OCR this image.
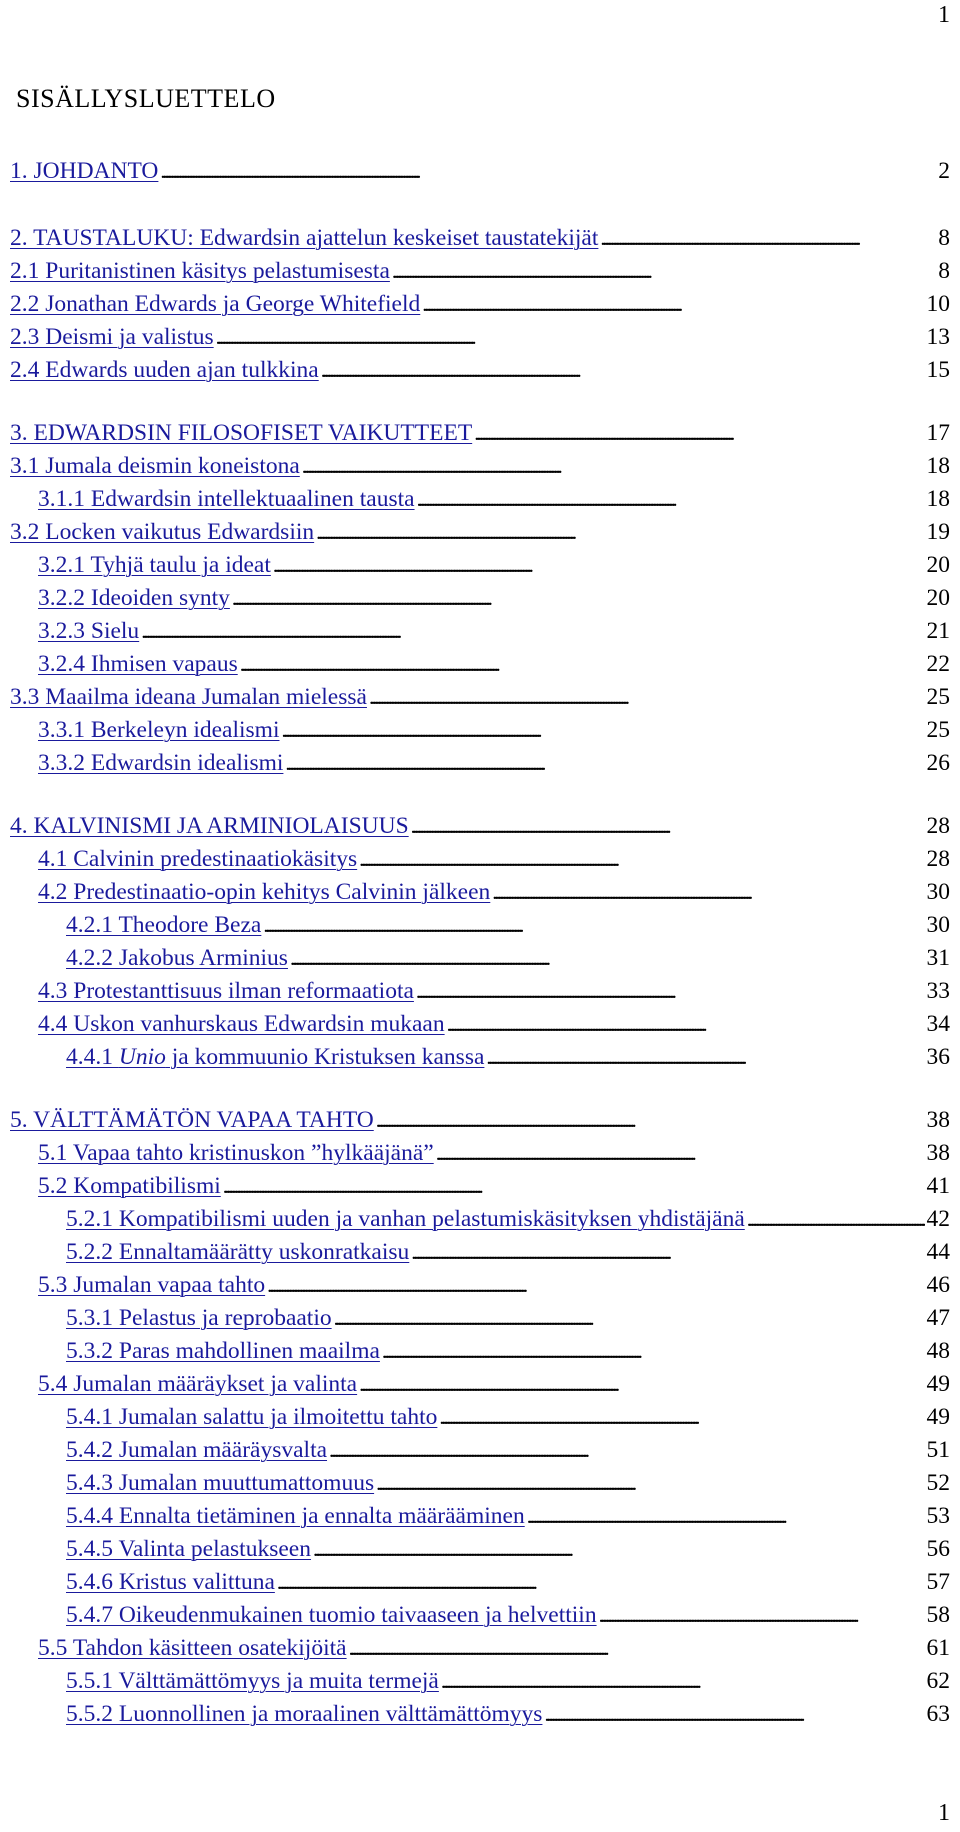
1
SISÄLLYSLUETTELO
1. JOHDANTO . . .	2
2. TAUSTALUKU: Edwardsin ajattelun keskeiset taustatekijät . . .	8
2.1 Puritanistinen käsitys pelastumisesta . . .	8
2.2 Jonathan Edwards ja George Whitefield . . .	10
2.3 Deismi ja valistus . . .	13
2.4 Edwards uuden ajan tulkkina . . .	15
3. EDWARDSIN FILOSOFISET VAIKUTTEET . . .	17
3.1 Jumala deismin koneistona . . .	18
3.1.1 Edwardsin intellektuaalinen tausta . . .	18
3.2 Locken vaikutus Edwardsiin . . .	19
3.2.1 Tyhjä taulu ja ideat . . .	20
3.2.2 Ideoiden synty . . .	20
3.2.3 Sielu . . .	21
3.2.4 Ihmisen vapaus . . .	22
3.3 Maailma ideana Jumalan mielessä . . .	25
3.3.1 Berkeleyn idealismi . . .	25
3.3.2 Edwardsin idealismi . . .	26
4. KALVINISMI JA ARMINIOLAISUUS . . .	28
4.1 Calvinin predestinaatiokäsitys . . .	28
4.2 Predestinaatio-opin kehitys Calvinin jälkeen . . .	30
4.2.1 Theodore Beza . . .	30
4.2.2 Jakobus Arminius . . .	31
4.3 Protestanttisuus ilman reformaatiota . . .	33
4.4 Uskon vanhurskaus Edwardsin mukaan . . .	34
4.4.1 Unio ja kommuunio Kristuksen kanssa . . .	36
5. VÄLTTÄMÄTÖN VAPAA TAHTO . . .	38
5.1 Vapaa tahto kristinuskon ”hylkääjänä” . . .	38
5.2 Kompatibilismi . . .	41
5.2.1 Kompatibilismi uuden ja vanhan pelastumiskäsityksen yhdistäjänä . . .	42
5.2.2 Ennaltamäärätty uskonratkaisu . . .	44
5.3 Jumalan vapaa tahto . . .	46
5.3.1 Pelastus ja reprobaatio . . .	47
5.3.2 Paras mahdollinen maailma . . .	48
5.4 Jumalan määräykset ja valinta . . .	49
5.4.1 Jumalan salattu ja ilmoitettu tahto . . .	49
5.4.2 Jumalan määräysvalta . . .	51
5.4.3 Jumalan muuttumattomuus . . .	52
5.4.4 Ennalta tietäminen ja ennalta määrääminen . . .	53
5.4.5 Valinta pelastukseen . . .	56
5.4.6 Kristus valittuna . . .	57
5.4.7 Oikeudenmukainen tuomio taivaaseen ja helvettiin . . .	58
5.5 Tahdon käsitteen osatekijöitä . . .	61
5.5.1 Välttämättömyys ja muita termejä . . .	62
5.5.2 Luonnollinen ja moraalinen välttämättömyys . . .	63
1
